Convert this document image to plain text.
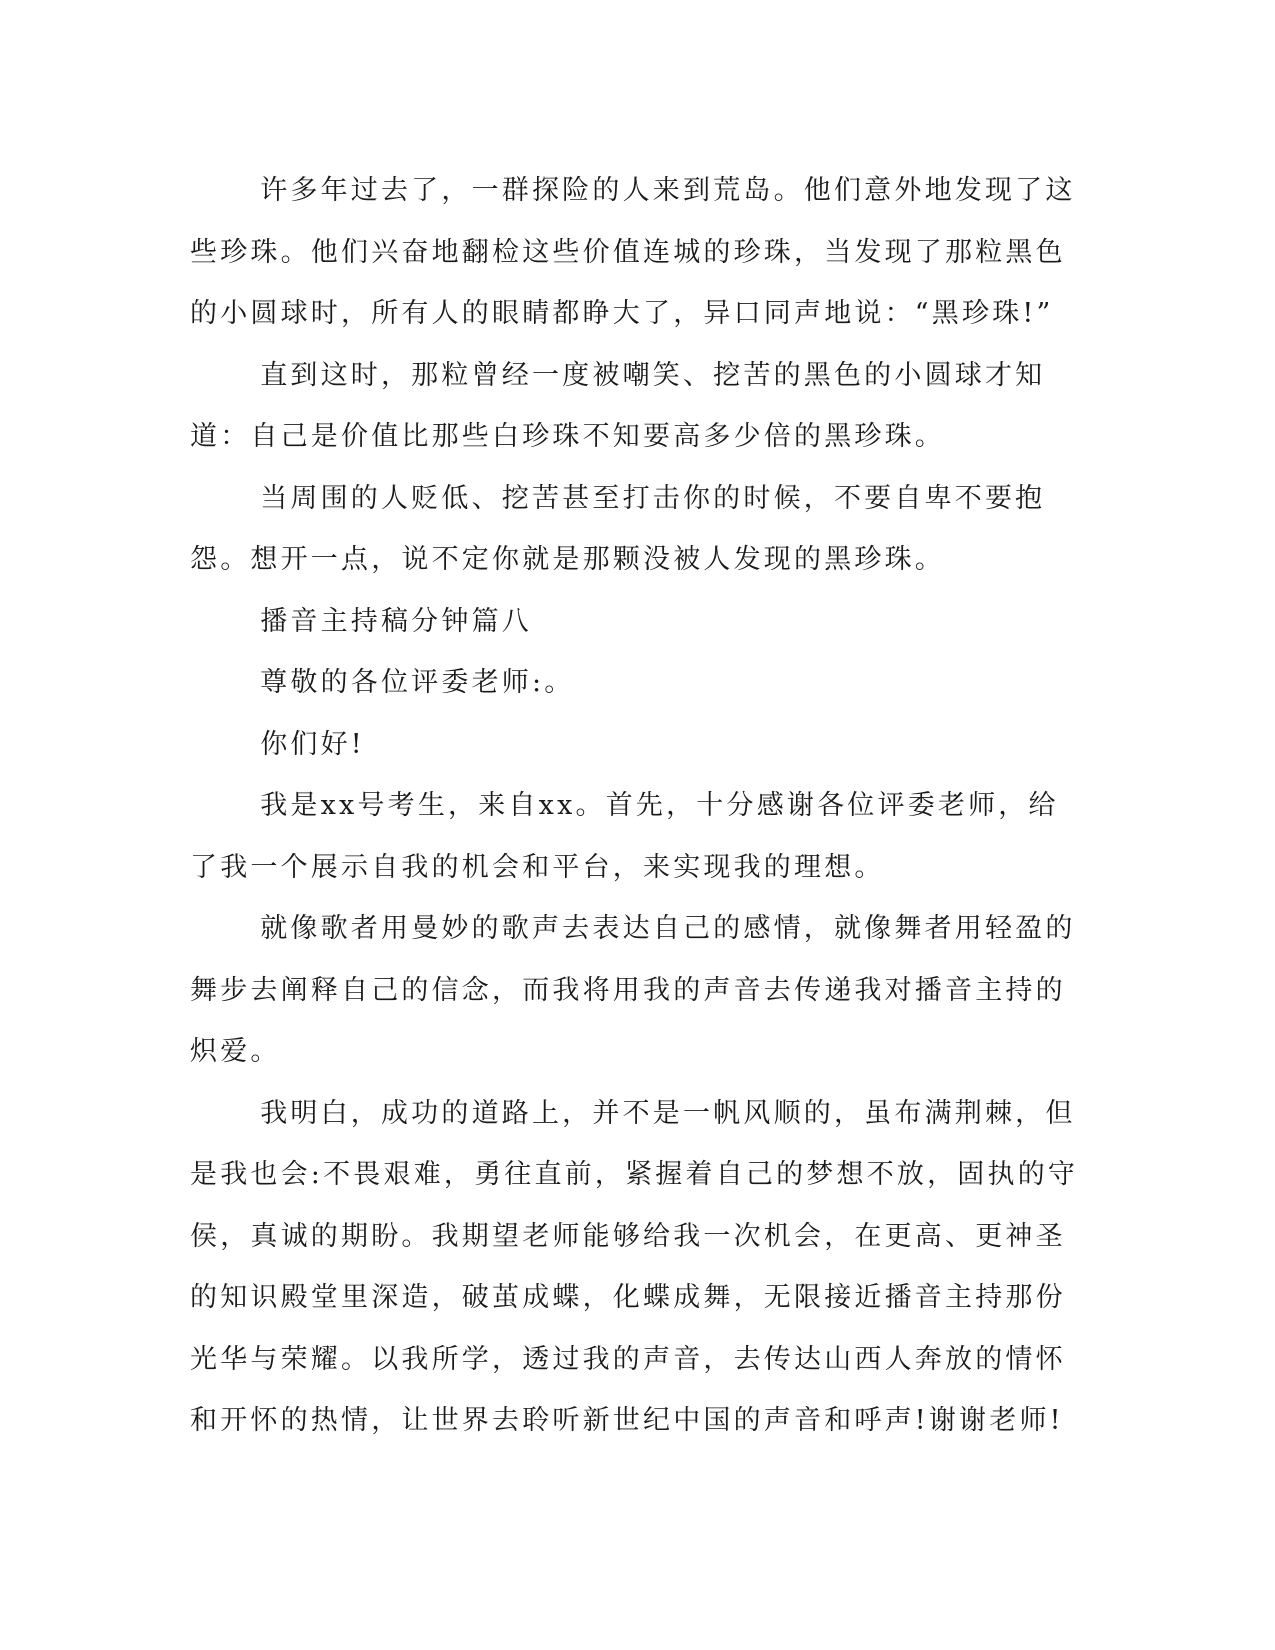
许多年过去了，一群探险的人来到荒岛。他们意外地发现了这些珍珠。他们兴奋地翻检这些价值连城的珍珠，当发现了那粒黑色的小圆球时，所有人的眼睛都睁大了，异口同声地说：“黑珍珠!”

直到这时，那粒曾经一度被嘲笑、挖苦的黑色的小圆球才知道：自己是价值比那些白珍珠不知要高多少倍的黑珍珠。

当周围的人贬低、挖苦甚至打击你的时候，不要自卑不要抱怨。想开一点，说不定你就是那颗没被人发现的黑珍珠。

播音主持稿分钟篇八

尊敬的各位评委老师:。

你们好!

我是xx号考生，来自xx。首先，十分感谢各位评委老师，给了我一个展示自我的机会和平台，来实现我的理想。

就像歌者用曼妙的歌声去表达自己的感情，就像舞者用轻盈的舞步去阐释自己的信念，而我将用我的声音去传递我对播音主持的炽爱。

我明白，成功的道路上，并不是一帆风顺的，虽布满荆棘，但是我也会:不畏艰难，勇往直前，紧握着自己的梦想不放，固执的守侯，真诚的期盼。我期望老师能够给我一次机会，在更高、更神圣的知识殿堂里深造，破茧成蝶，化蝶成舞，无限接近播音主持那份光华与荣耀。以我所学，透过我的声音，去传达山西人奔放的情怀和开怀的热情，让世界去聆听新世纪中国的声音和呼声!谢谢老师!
